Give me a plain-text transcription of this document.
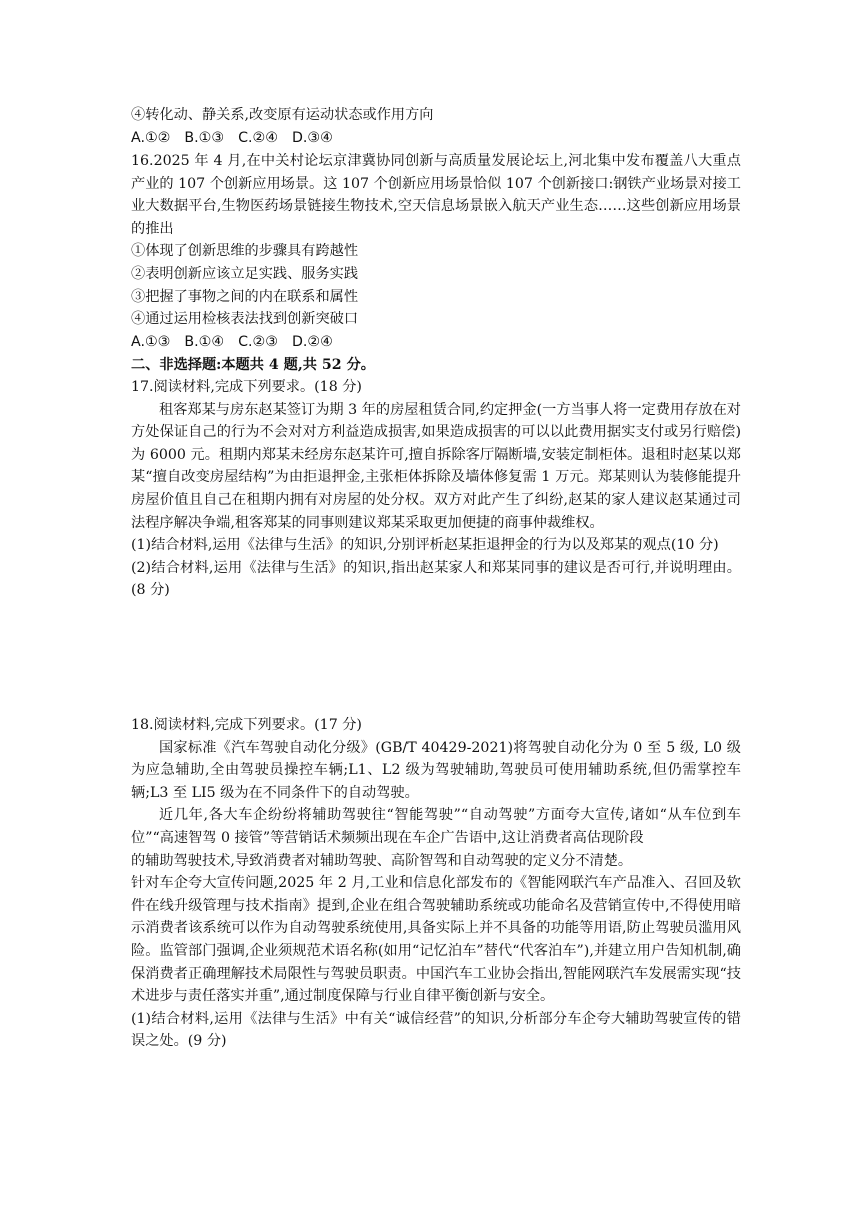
④转化动、静关系,改变原有运动状态或作用方向
A.①② B.①③ C.②④ D.③④
16.2025 年 4 月,在中关村论坛京津冀协同创新与高质量发展论坛上,河北集中发布覆盖八大重点产业的 107 个创新应用场景。这 107 个创新应用场景恰似 107 个创新接口:钢铁产业场景对接工业大数据平台,生物医药场景链接生物技术,空天信息场景嵌入航天产业生态……这些创新应用场景的推出
①体现了创新思维的步骤具有跨越性
②表明创新应该立足实践、服务实践
③把握了事物之间的内在联系和属性
④通过运用检核表法找到创新突破口
A.①③ B.①④ C.②③ D.②④
二、非选择题:本题共 4 题,共 52 分。
17.阅读材料,完成下列要求。(18 分)
租客郑某与房东赵某签订为期 3 年的房屋租赁合同,约定押金(一方当事人将一定费用存放在对方处保证自己的行为不会对对方利益造成损害,如果造成损害的可以以此费用据实支付或另行赔偿)为 6000 元。租期内郑某未经房东赵某许可,擅自拆除客厅隔断墙,安装定制柜体。退租时赵某以郑某“擅自改变房屋结构”为由拒退押金,主张柜体拆除及墙体修复需 1 万元。郑某则认为装修能提升房屋价值且自己在租期内拥有对房屋的处分权。双方对此产生了纠纷,赵某的家人建议赵某通过司法程序解决争端,租客郑某的同事则建议郑某采取更加便捷的商事仲裁维权。
(1)结合材料,运用《法律与生活》的知识,分别评析赵某拒退押金的行为以及郑某的观点(10 分)
(2)结合材料,运用《法律与生活》的知识,指出赵某家人和郑某同事的建议是否可行,并说明理由。(8 分)
18.阅读材料,完成下列要求。(17 分)
国家标准《汽车驾驶自动化分级》(GB/T 40429-2021)将驾驶自动化分为 0 至 5 级, L0 级为应急辅助,全由驾驶员操控车辆;L1、L2 级为驾驶辅助,驾驶员可使用辅助系统,但仍需掌控车辆;L3 至 LI5 级为在不同条件下的自动驾驶。
近几年,各大车企纷纷将辅助驾驶往“智能驾驶”“自动驾驶”方面夸大宣传,诸如“从车位到车位”“高速智驾 0 接管”等营销话术频频出现在车企广告语中,这让消费者高估现阶段
的辅助驾驶技术,导致消费者对辅助驾驶、高阶智驾和自动驾驶的定义分不清楚。
针对车企夸大宣传问题,2025 年 2 月,工业和信息化部发布的《智能网联汽车产品准入、召回及软件在线升级管理与技术指南》提到,企业在组合驾驶辅助系统或功能命名及营销宣传中,不得使用暗示消费者该系统可以作为自动驾驶系统使用,具备实际上并不具备的功能等用语,防止驾驶员滥用风险。监管部门强调,企业须规范术语名称(如用“记忆泊车”替代“代客泊车”),并建立用户告知机制,确保消费者正确理解技术局限性与驾驶员职责。中国汽车工业协会指出,智能网联汽车发展需实现“技术进步与责任落实并重”,通过制度保障与行业自律平衡创新与安全。
(1)结合材料,运用《法律与生活》中有关“诚信经营”的知识,分析部分车企夸大辅助驾驶宣传的错误之处。(9 分)
